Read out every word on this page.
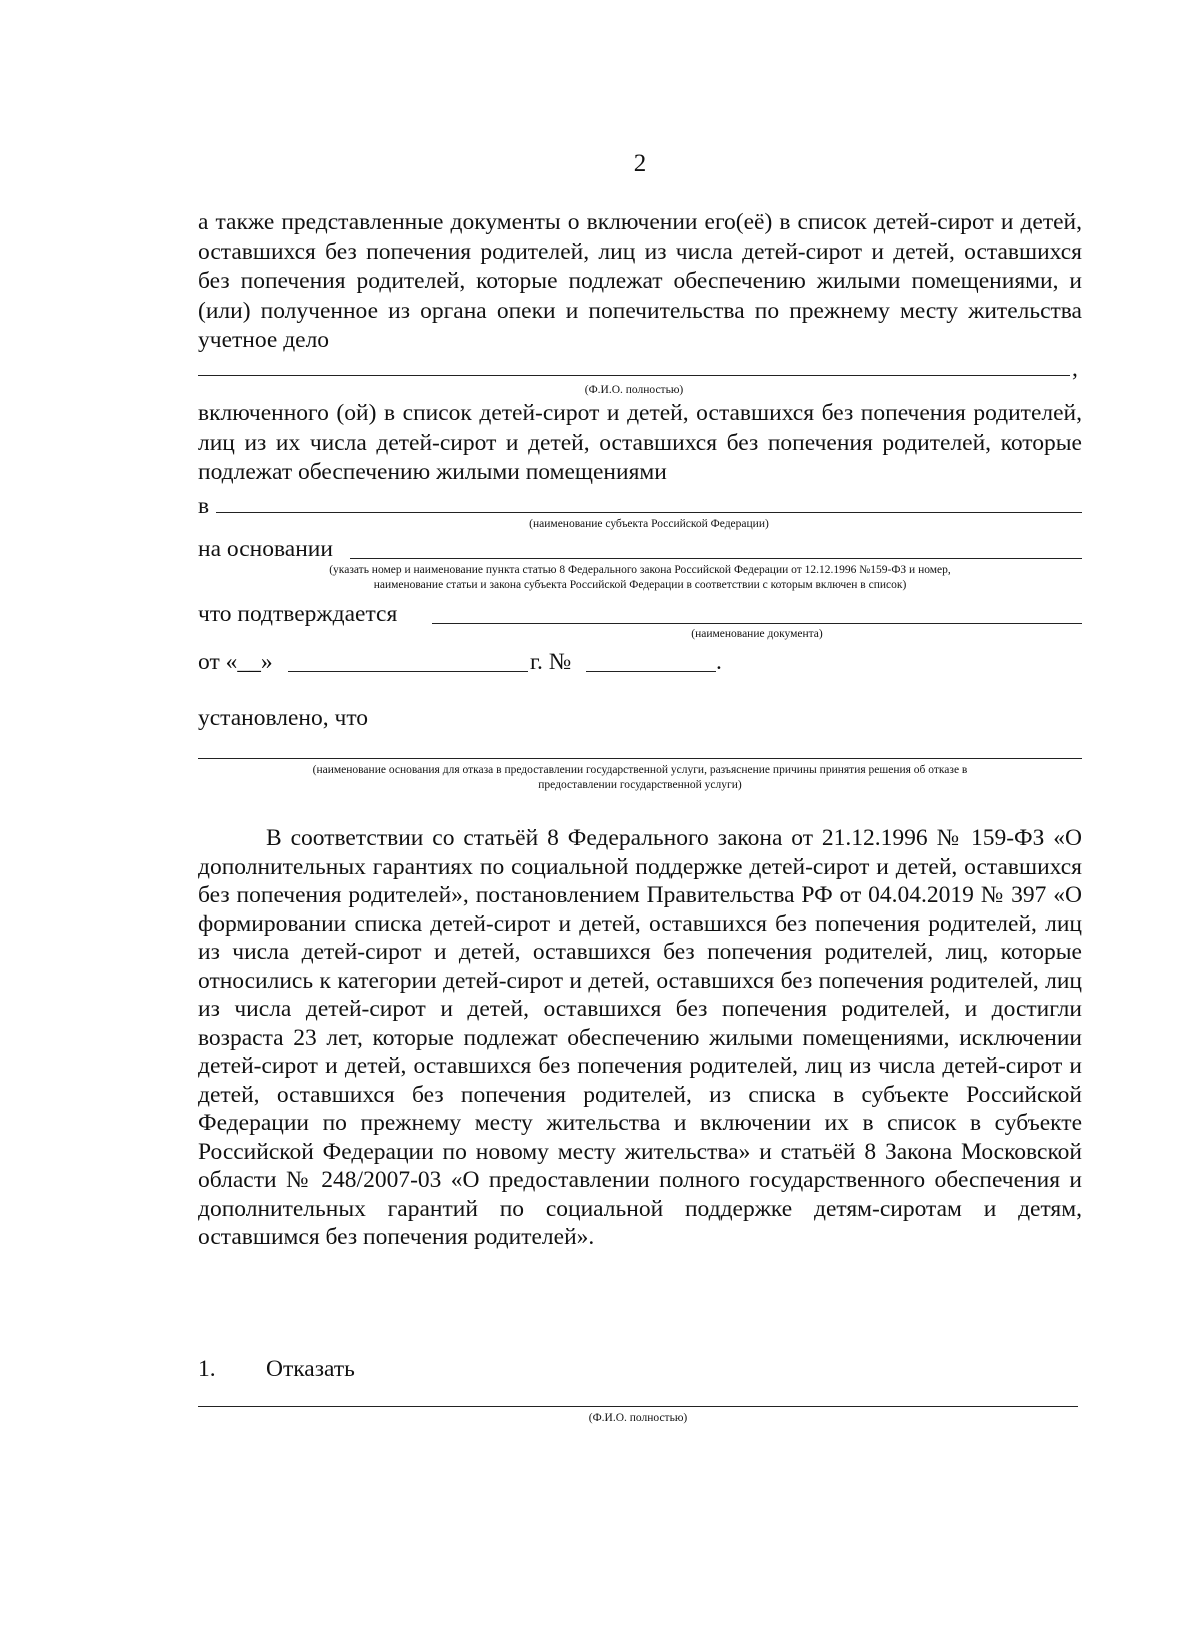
2

а также представленные документы о включении его(её) в список детей-сирот и детей, оставшихся без попечения родителей, лиц из числа детей-сирот и детей, оставшихся без попечения родителей, которые подлежат обеспечению жилыми помещениями, и (или) полученное из органа опеки и попечительства по прежнему месту жительства учетное дело

,
(Ф.И.О. полностью)

включенного (ой) в список детей-сирот и детей, оставшихся без попечения родителей, лиц из их числа детей-сирот и детей, оставшихся без попечения родителей, которые подлежат обеспечению жилыми помещениями

в
(наименование субъекта Российской Федерации)
на основании
(указать номер и наименование пункта статью 8 Федерального закона Российской Федерации от 12.12.1996 №159-ФЗ и номер,
наименование статьи и закона субъекта Российской Федерации в соответствии с которым включен в список)
что подтверждается
(наименование документа)
от «__»	г. №	.
установлено, что
(наименование основания для отказа в предоставлении государственной услуги, разъяснение причины принятия решения об отказе в
предоставлении государственной услуги)

В соответствии со статьёй 8 Федерального закона от 21.12.1996 № 159-ФЗ «О дополнительных гарантиях по социальной поддержке детей-сирот и детей, оставшихся без попечения родителей», постановлением Правительства РФ от 04.04.2019 № 397 «О формировании списка детей-сирот и детей, оставшихся без попечения родителей, лиц из числа детей-сирот и детей, оставшихся без попечения родителей, лиц, которые относились к категории детей-сирот и детей, оставшихся без попечения родителей, лиц из числа детей-сирот и детей, оставшихся без попечения родителей, и достигли возраста 23 лет, которые подлежат обеспечению жилыми помещениями, исключении детей-сирот и детей, оставшихся без попечения родителей, лиц из числа детей-сирот и детей, оставшихся без попечения родителей, из списка в субъекте Российской Федерации по прежнему месту жительства и включении их в список в субъекте Российской Федерации по новому месту жительства» и статьёй 8 Закона Московской области № 248/2007-03 «О предоставлении полного государственного обеспечения и дополнительных гарантий по социальной поддержке детям-сиротам и детям, оставшимся без попечения родителей».

1. Отказать
(Ф.И.О. полностью)
